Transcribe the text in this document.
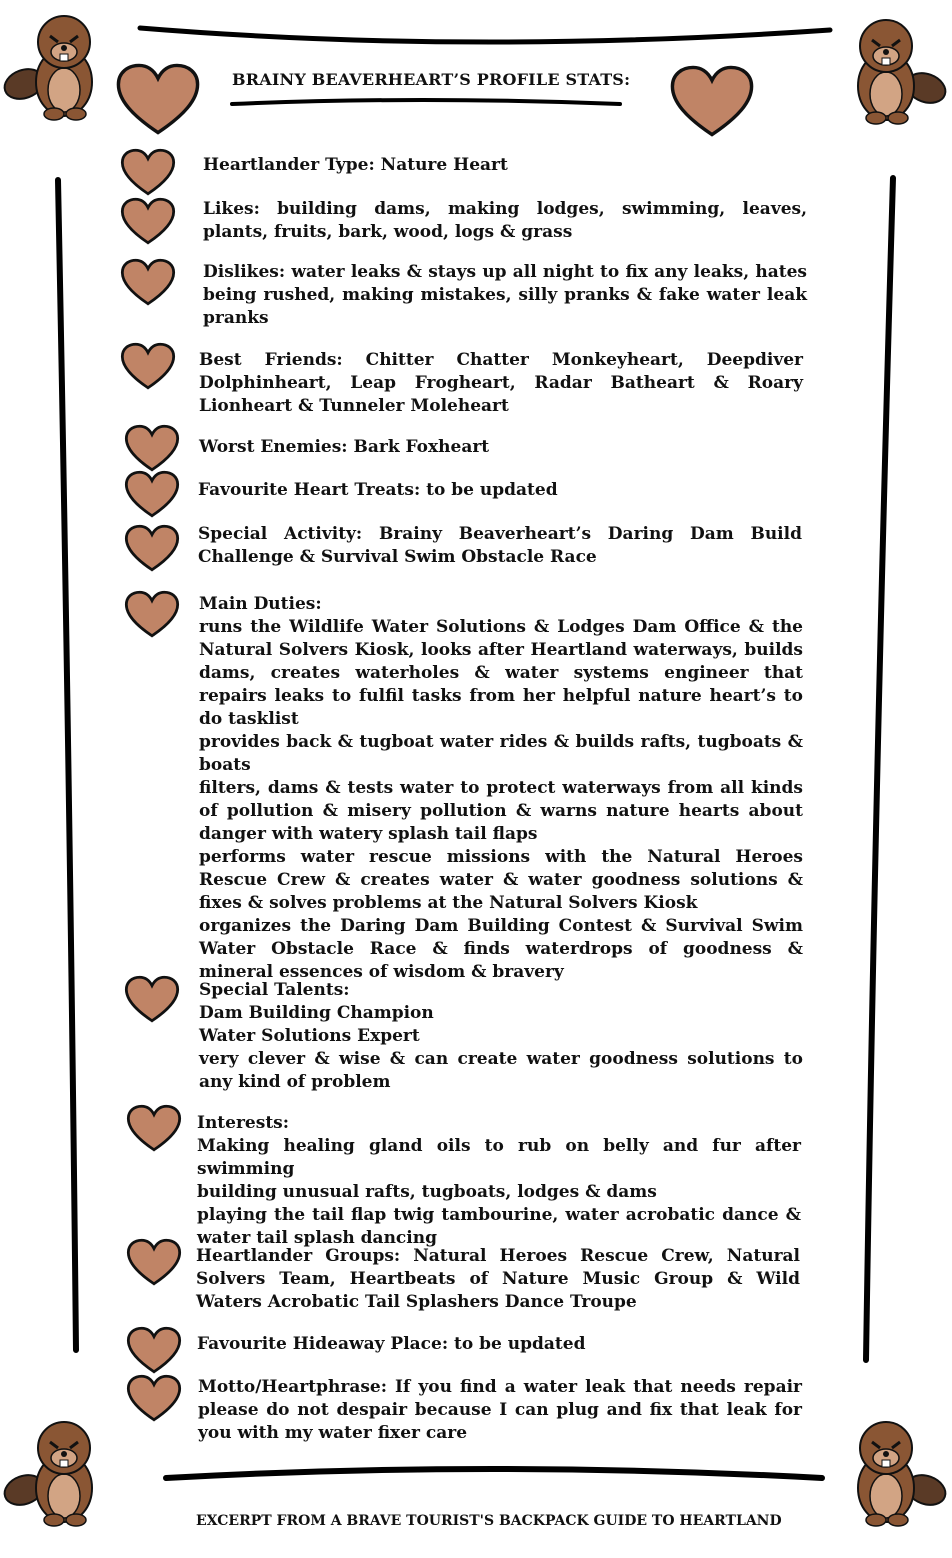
BRAINY BEAVERHEART’S PROFILE STATS:
Heartlander Type: Nature Heart
Likes: building dams, making lodges, swimming, leaves, plants, fruits, bark, wood, logs & grass
Dislikes: water leaks & stays up all night to fix any leaks, hates being rushed, making mistakes, silly pranks & fake water leak pranks
Best Friends: Chitter Chatter Monkeyheart, Deepdiver Dolphinheart, Leap Frogheart, Radar Batheart & Roary Lionheart & Tunneler Moleheart
Worst Enemies: Bark Foxheart
Favourite Heart Treats: to be updated
Special Activity: Brainy Beaverheart’s Daring Dam Build Challenge & Survival Swim Obstacle Race
Main Duties:
runs the Wildlife Water Solutions & Lodges Dam Office & the Natural Solvers Kiosk, looks after Heartland waterways, builds dams, creates waterholes & water systems engineer that repairs leaks to fulfil tasks from her helpful nature heart’s to do tasklist
provides back & tugboat water rides & builds rafts, tugboats & boats
filters, dams & tests water to protect waterways from all kinds of pollution & misery pollution & warns nature hearts about danger with watery splash tail flaps
performs water rescue missions with the Natural Heroes Rescue Crew & creates water & water goodness solutions & fixes & solves problems at the Natural Solvers Kiosk
organizes the Daring Dam Building Contest & Survival Swim Water Obstacle Race & finds waterdrops of goodness & mineral essences of wisdom & bravery
Special Talents:
Dam Building Champion
Water Solutions Expert
very clever & wise & can create water goodness solutions to any kind of problem
Interests:
Making healing gland oils to rub on belly and fur after swimming
building unusual rafts, tugboats, lodges & dams
playing the tail flap twig tambourine, water acrobatic dance & water tail splash dancing
Heartlander Groups: Natural Heroes Rescue Crew, Natural Solvers Team, Heartbeats of Nature Music Group & Wild Waters Acrobatic Tail Splashers Dance Troupe
Favourite Hideaway Place: to be updated
Motto/Heartphrase: If you find a water leak that needs repair please do not despair because I can plug and fix that leak for you with my water fixer care
EXCERPT FROM A BRAVE TOURIST'S BACKPACK GUIDE TO HEARTLAND
